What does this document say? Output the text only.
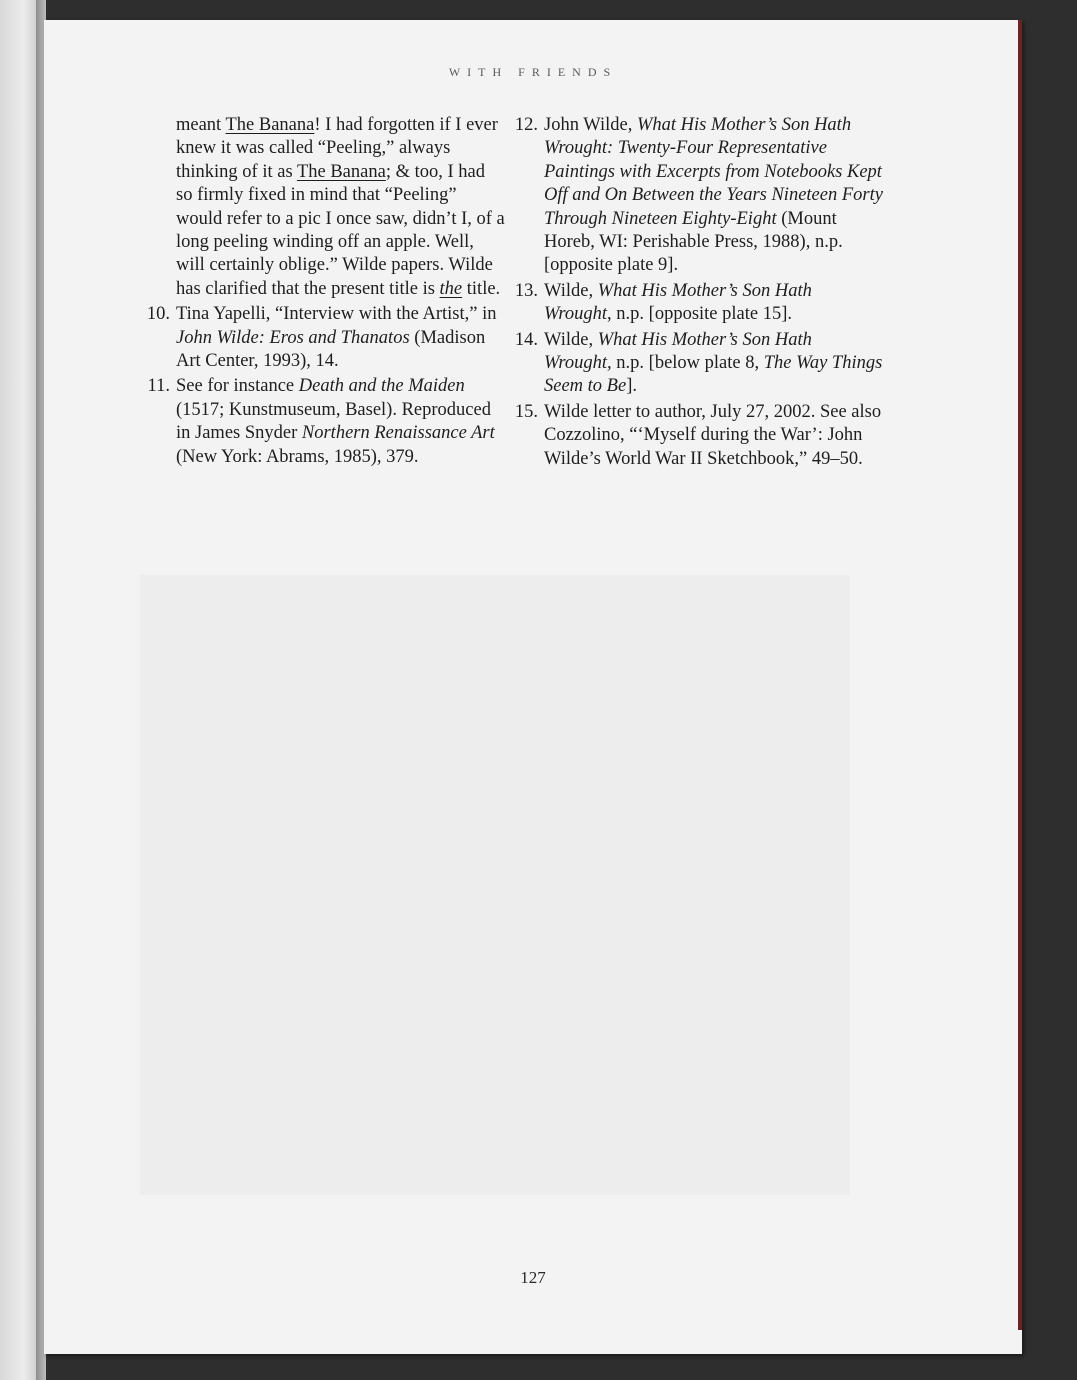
WITH FRIENDS

meant The Banana! I had forgotten if I ever knew it was called “Peeling,” always thinking of it as The Banana; & too, I had so firmly fixed in mind that “Peeling” would refer to a pic I once saw, didn’t I, of a long peeling winding off an apple. Well, will certainly oblige.” Wilde papers. Wilde has clarified that the present title is the title.

10. Tina Yapelli, “Interview with the Artist,” in John Wilde: Eros and Thanatos (Madison Art Center, 1993), 14.
11. See for instance Death and the Maiden (1517; Kunstmuseum, Basel). Reproduced in James Snyder Northern Renaissance Art (New York: Abrams, 1985), 379.
12. John Wilde, What His Mother’s Son Hath Wrought: Twenty-Four Representative Paintings with Excerpts from Notebooks Kept Off and On Between the Years Nineteen Forty Through Nineteen Eighty-Eight (Mount Horeb, WI: Perishable Press, 1988), n.p. [opposite plate 9].
13. Wilde, What His Mother’s Son Hath Wrought, n.p. [opposite plate 15].
14. Wilde, What His Mother’s Son Hath Wrought, n.p. [below plate 8, The Way Things Seem to Be].
15. Wilde letter to author, July 27, 2002. See also Cozzolino, “‘Myself during the War’: John Wilde’s World War II Sketchbook,” 49–50.
127
